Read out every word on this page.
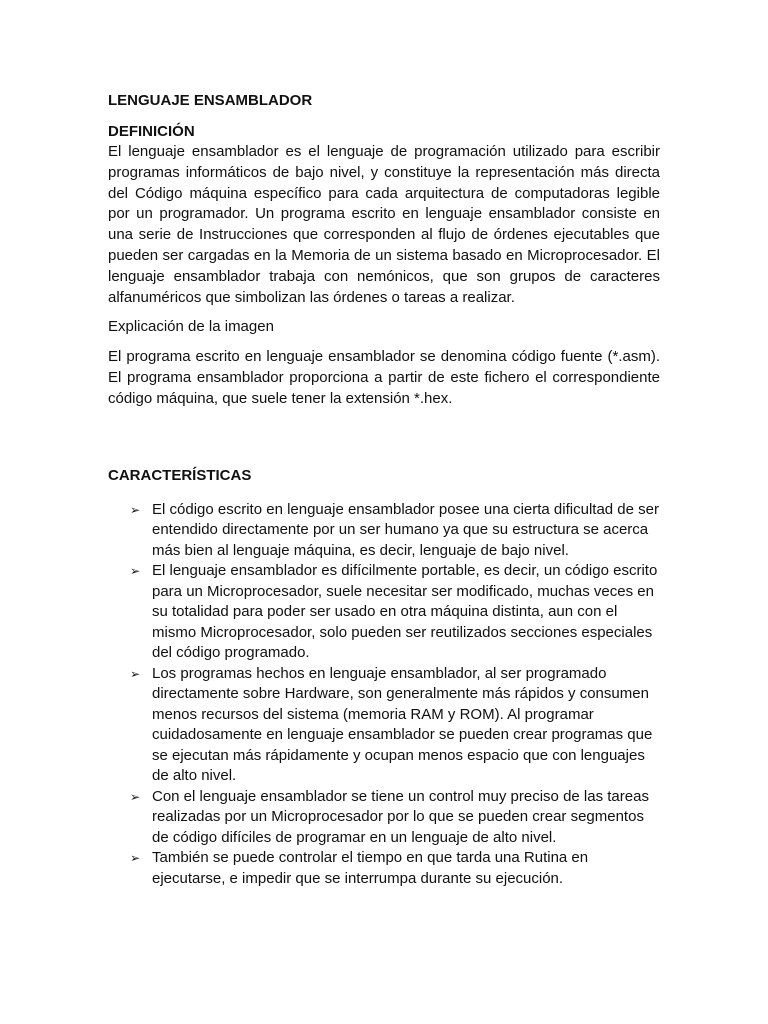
LENGUAJE ENSAMBLADOR
DEFINICIÓN

El lenguaje ensamblador es el lenguaje de programación utilizado para escribir programas informáticos de bajo nivel, y constituye la representación más directa del Código máquina específico para cada arquitectura de computadoras legible por un programador. Un programa escrito en lenguaje ensamblador consiste en una serie de Instrucciones que corresponden al flujo de órdenes ejecutables que pueden ser cargadas en la Memoria de un sistema basado en Microprocesador. El lenguaje ensamblador trabaja con nemónicos, que son grupos de caracteres alfanuméricos que simbolizan las órdenes o tareas a realizar.

Explicación de la imagen

El programa escrito en lenguaje ensamblador se denomina código fuente (*.asm). El programa ensamblador proporciona a partir de este fichero el correspondiente código máquina, que suele tener la extensión *.hex.

CARACTERÍSTICAS
➢ El código escrito en lenguaje ensamblador posee una cierta dificultad de ser entendido directamente por un ser humano ya que su estructura se acerca más bien al lenguaje máquina, es decir, lenguaje de bajo nivel.
➢ El lenguaje ensamblador es difícilmente portable, es decir, un código escrito para un Microprocesador, suele necesitar ser modificado, muchas veces en su totalidad para poder ser usado en otra máquina distinta, aun con el mismo Microprocesador, solo pueden ser reutilizados secciones especiales del código programado.
➢ Los programas hechos en lenguaje ensamblador, al ser programado directamente sobre Hardware, son generalmente más rápidos y consumen menos recursos del sistema (memoria RAM y ROM). Al programar cuidadosamente en lenguaje ensamblador se pueden crear programas que se ejecutan más rápidamente y ocupan menos espacio que con lenguajes de alto nivel.
➢ Con el lenguaje ensamblador se tiene un control muy preciso de las tareas realizadas por un Microprocesador por lo que se pueden crear segmentos de código difíciles de programar en un lenguaje de alto nivel.
➢ También se puede controlar el tiempo en que tarda una Rutina en ejecutarse, e impedir que se interrumpa durante su ejecución.
